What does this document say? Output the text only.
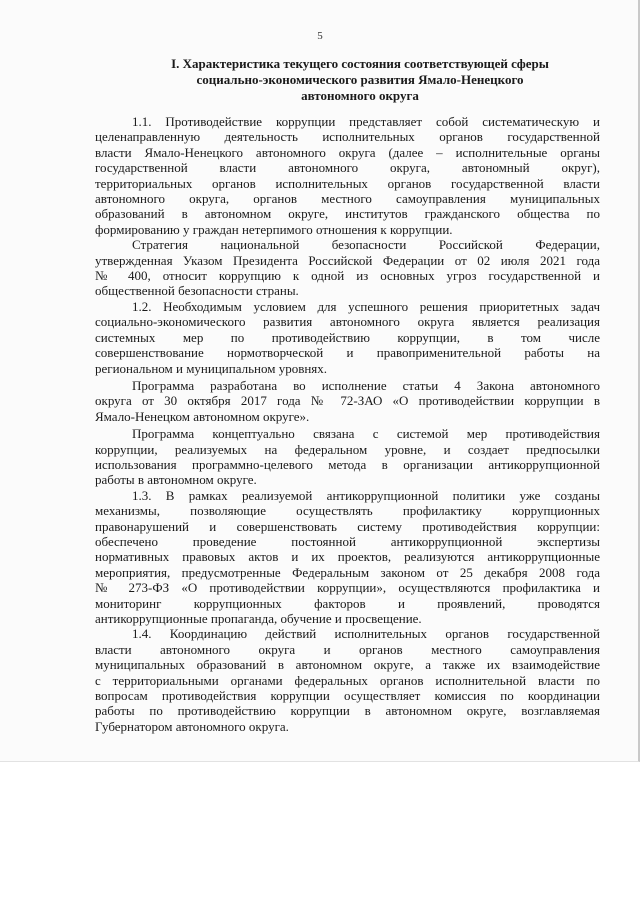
5
I. Характеристика текущего состояния соответствующей сферы
социально-экономического развития Ямало-Ненецкого
автономного округа

1.1. Противодействие коррупции представляет собой систематическую и
целенаправленную деятельность исполнительных органов государственной
власти Ямало-Ненецкого автономного округа (далее – исполнительные органы
государственной власти автономного округа, автономный округ),
территориальных органов исполнительных органов государственной власти
автономного округа, органов местного самоуправления муниципальных
образований в автономном округе, институтов гражданского общества по
формированию у граждан нетерпимого отношения к коррупции.

Стратегия национальной безопасности Российской Федерации,
утвержденная Указом Президента Российской Федерации от 02 июля 2021 года
№ 400, относит коррупцию к одной из основных угроз государственной и
общественной безопасности страны.

1.2. Необходимым условием для успешного решения приоритетных задач
социально-экономического развития автономного округа является реализация
системных мер по противодействию коррупции, в том числе
совершенствование нормотворческой и правоприменительной работы на
региональном и муниципальном уровнях.

Программа разработана во исполнение статьи 4 Закона автономного
округа от 30 октября 2017 года № 72-ЗАО «О противодействии коррупции в
Ямало-Ненецком автономном округе».

Программа концептуально связана с системой мер противодействия
коррупции, реализуемых на федеральном уровне, и создает предпосылки
использования программно-целевого метода в организации антикоррупционной
работы в автономном округе.

1.3. В рамках реализуемой антикоррупционной политики уже созданы
механизмы, позволяющие осуществлять профилактику коррупционных
правонарушений и совершенствовать систему противодействия коррупции:
обеспечено проведение постоянной антикоррупционной экспертизы
нормативных правовых актов и их проектов, реализуются антикоррупционные
мероприятия, предусмотренные Федеральным законом от 25 декабря 2008 года
№ 273-ФЗ «О противодействии коррупции», осуществляются профилактика и
мониторинг коррупционных факторов и проявлений, проводятся
антикоррупционные пропаганда, обучение и просвещение.

1.4. Координацию действий исполнительных органов государственной
власти автономного округа и органов местного самоуправления
муниципальных образований в автономном округе, а также их взаимодействие
с территориальными органами федеральных органов исполнительной власти по
вопросам противодействия коррупции осуществляет комиссия по координации
работы по противодействию коррупции в автономном округе, возглавляемая
Губернатором автономного округа.
